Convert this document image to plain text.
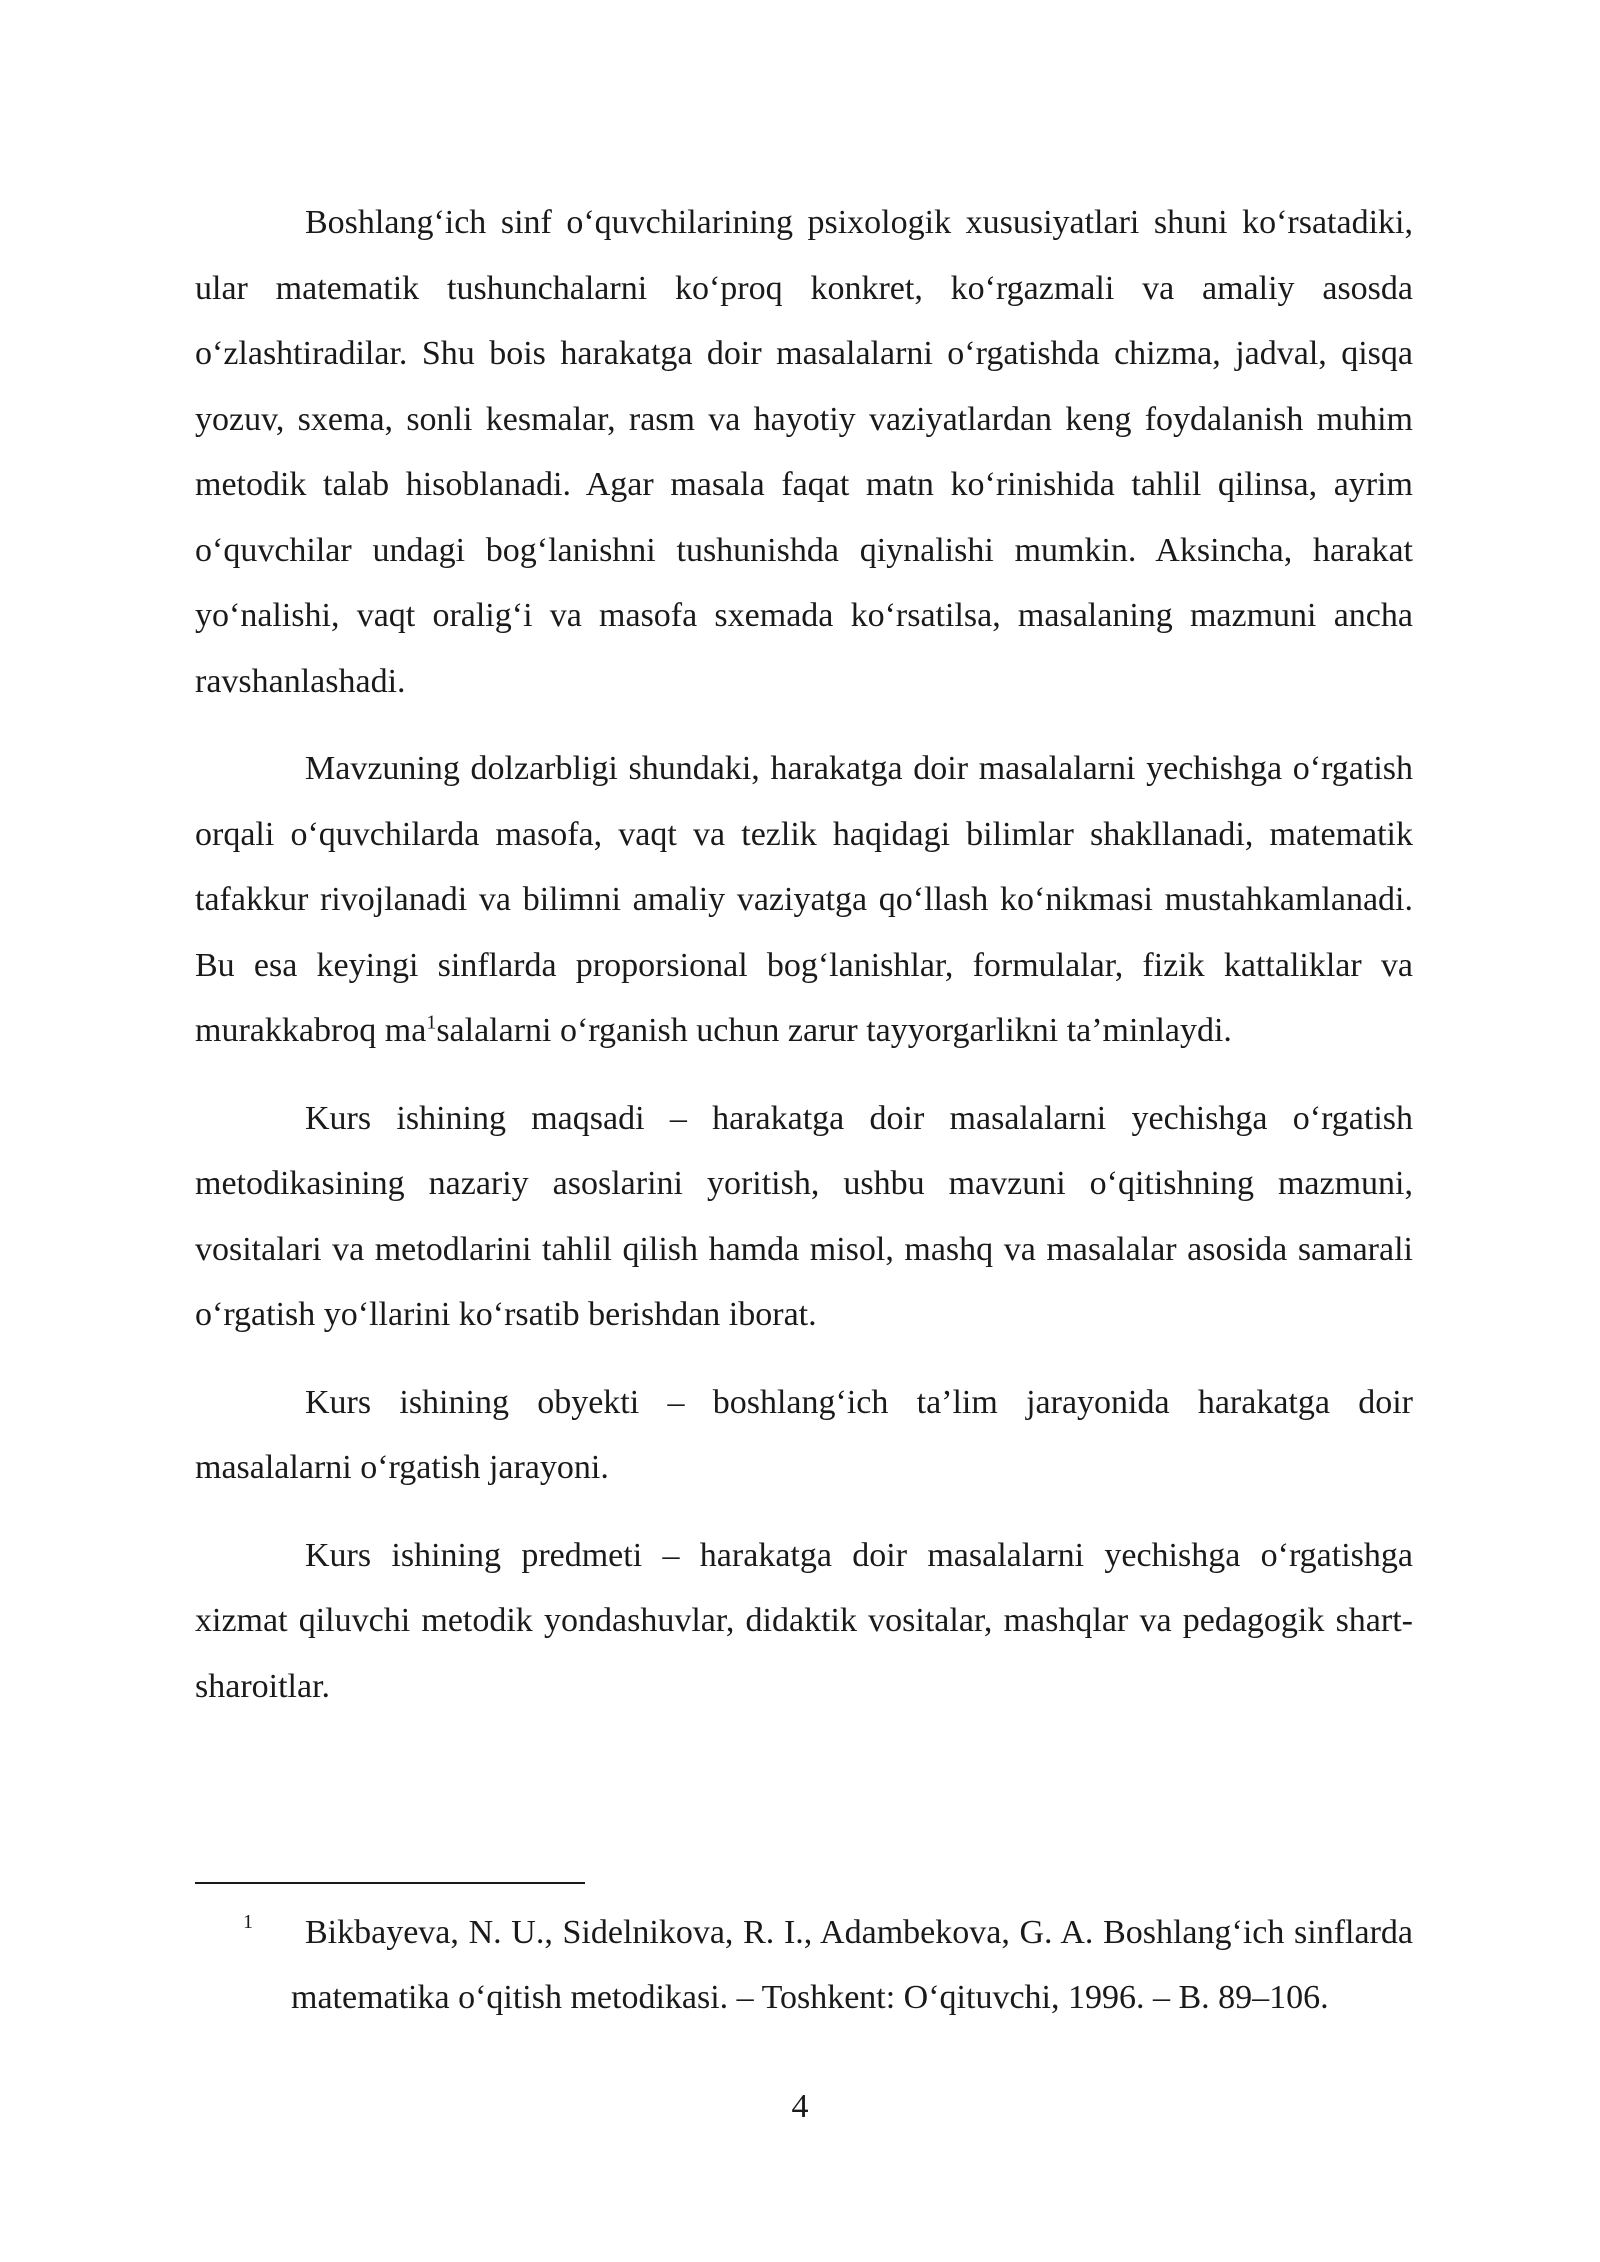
Boshlang‘ich sinf o‘quvchilarining psixologik xususiyatlari shuni ko‘rsatadiki, ular matematik tushunchalarni ko‘proq konkret, ko‘rgazmali va amaliy asosda o‘zlashtiradilar. Shu bois harakatga doir masalalarni o‘rgatishda chizma, jadval, qisqa yozuv, sxema, sonli kesmalar, rasm va hayotiy vaziyatlardan keng foydalanish muhim metodik talab hisoblanadi. Agar masala faqat matn ko‘rinishida tahlil qilinsa, ayrim o‘quvchilar undagi bog‘lanishni tushunishda qiynalishi mumkin. Aksincha, harakat yo‘nalishi, vaqt oralig‘i va masofa sxemada ko‘rsatilsa, masalaning mazmuni ancha ravshanlashadi.

Mavzuning dolzarbligi shundaki, harakatga doir masalalarni yechishga o‘rgatish orqali o‘quvchilarda masofa, vaqt va tezlik haqidagi bilimlar shakllanadi, matematik tafakkur rivojlanadi va bilimni amaliy vaziyatga qo‘llash ko‘nikmasi mustahkamlanadi. Bu esa keyingi sinflarda proporsional bog‘lanishlar, formulalar, fizik kattaliklar va murakkabroq ma$^1$salalarni o‘rganish uchun zarur tayyorgarlikni ta’minlaydi.

Kurs ishining maqsadi – harakatga doir masalalarni yechishga o‘rgatish metodikasining nazariy asoslarini yoritish, ushbu mavzuni o‘qitishning mazmuni, vositalari va metodlarini tahlil qilish hamda misol, mashq va masalalar asosida samarali o‘rgatish yo‘llarini ko‘rsatib berishdan iborat.

Kurs ishining obyekti – boshlang‘ich ta’lim jarayonida harakatga doir masalalarni o‘rgatish jarayoni.

Kurs ishining predmeti – harakatga doir masalalarni yechishga o‘rgatishga xizmat qiluvchi metodik yondashuvlar, didaktik vositalar, mashqlar va pedagogik shart-sharoitlar.

1	Bikbayeva, N. U., Sidelnikova, R. I., Adambekova, G. A. Boshlang‘ich sinflarda matematika o‘qitish metodikasi. – Toshkent: O‘qituvchi, 1996. – B. 89–106.

4
